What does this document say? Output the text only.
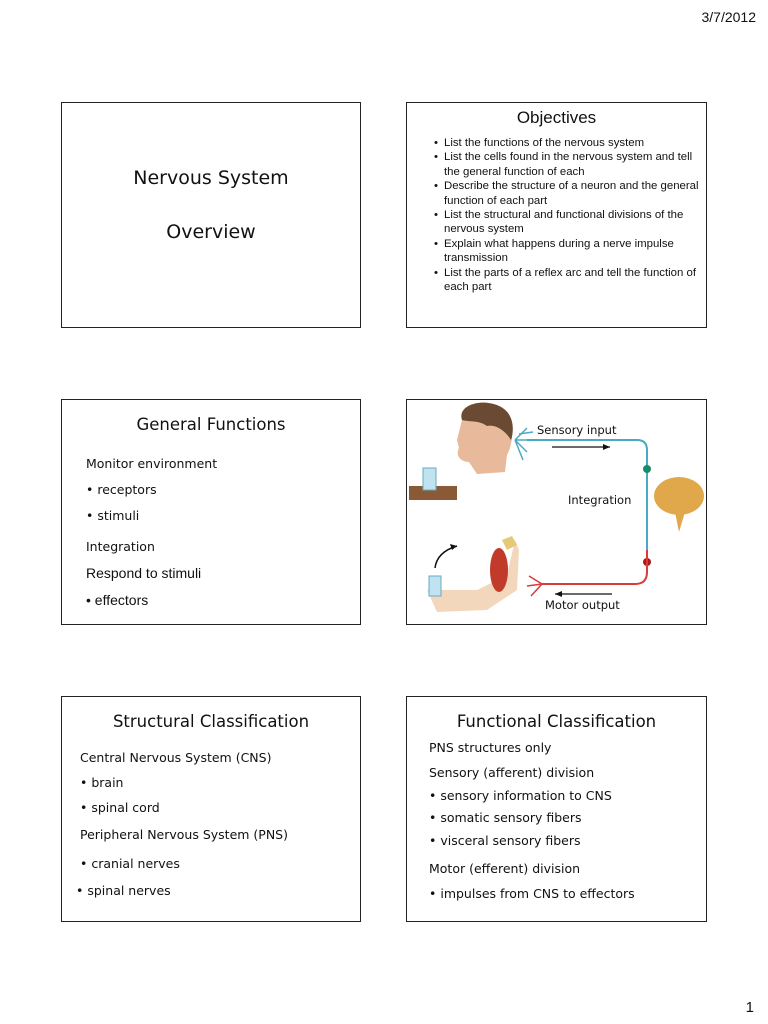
3/7/2012
Nervous System
Overview
Objectives
• List the functions of the nervous system
• List the cells found in the nervous system and tell the general function of each
• Describe the structure of a neuron and the general function of each part
• List the structural and functional divisions of the nervous system
• Explain what happens during a nerve impulse transmission
• List the parts of a reflex arc and tell the function of each part
General Functions
Monitor environment
• receptors
• stimuli
Integration
Respond to stimuli
• effectors
Sensory input
Integration
Motor output
Structural Classification
Central Nervous System (CNS)
• brain
• spinal cord
Peripheral Nervous System (PNS)
• cranial nerves
• spinal nerves
Functional Classification
PNS structures only
Sensory (afferent) division
• sensory information to CNS
• somatic sensory fibers
• visceral sensory fibers
Motor (efferent) division
• impulses from CNS to effectors
1
